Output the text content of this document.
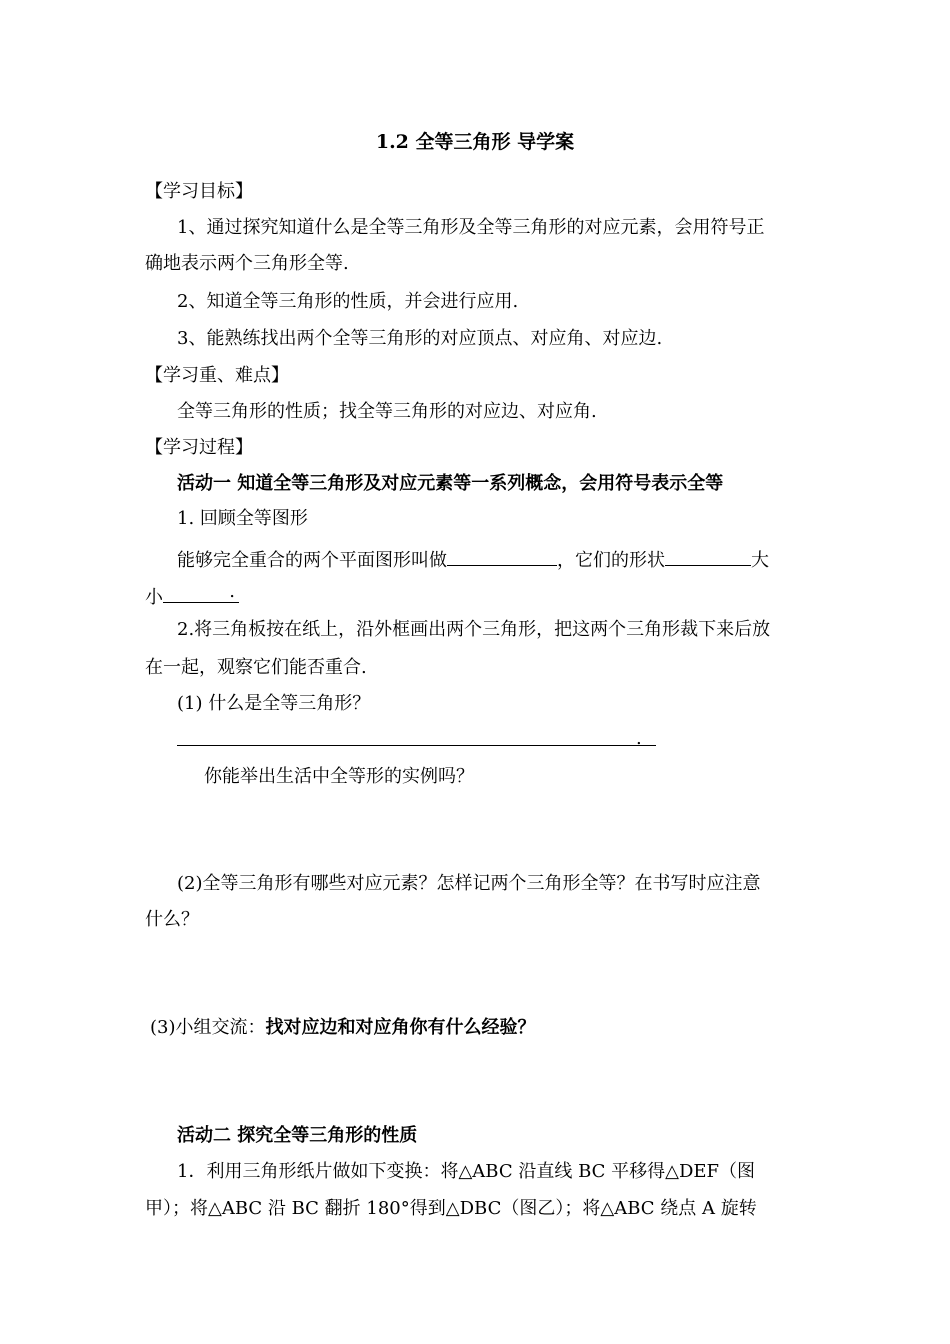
1.2 全等三角形 导学案
【学习目标】
1、通过探究知道什么是全等三角形及全等三角形的对应元素，会用符号正
确地表示两个三角形全等.
2、知道全等三角形的性质，并会进行应用.
3、能熟练找出两个全等三角形的对应顶点、对应角、对应边.
【学习重、难点】
全等三角形的性质；找全等三角形的对应边、对应角.
【学习过程】
活动一 知道全等三角形及对应元素等一系列概念，会用符号表示全等
1. 回顾全等图形
能够完全重合的两个平面图形叫做	，它们的形状	大
小	.
2.将三角板按在纸上，沿外框画出两个三角形，把这两个三角形裁下来后放
在一起，观察它们能否重合.
(1) 什么是全等三角形？
.
你能举出生活中全等形的实例吗？
(2)全等三角形有哪些对应元素？怎样记两个三角形全等？在书写时应注意
什么？
(3)小组交流：找对应边和对应角你有什么经验？
活动二 探究全等三角形的性质
1．利用三角形纸片做如下变换：将△ABC 沿直线 BC 平移得△DEF（图
甲）；将△ABC 沿 BC 翻折 180°得到△DBC（图乙）；将△ABC 绕点 A 旋转
